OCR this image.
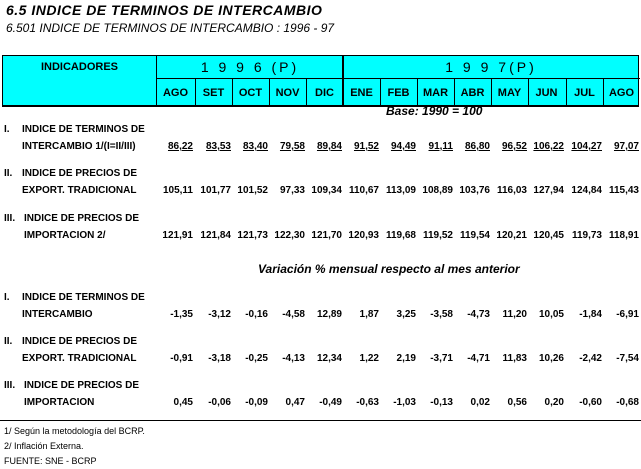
6.5 INDICE DE TERMINOS DE INTERCAMBIO
6.501 INDICE DE TERMINOS DE INTERCAMBIO : 1996 - 97
INDICADORES	1 9 9 6 (P)	1 9 9 7(P)
AGO	SET	OCT	NOV	DIC	ENE	FEB	MAR	ABR	MAY	JUN	JUL	AGO
Base: 1990 = 100
Variación % mensual respecto al mes anterior
I. INDICE DE TERMINOS DE
INTERCAMBIO 1/(I=II/III)	86,22	83,53	83,40	79,58	89,84	91,52	94,49	91,11	86,80	96,52 106,22 104,27	97,07
II. INDICE DE PRECIOS DE
EXPORT. TRADICIONAL	105,11 101,77 101,52	97,33 109,34 110,67 113,09 108,89 103,76 116,03 127,94 124,84 115,43
III. INDICE DE PRECIOS DE
IMPORTACION 2/	121,91 121,84 121,73 122,30 121,70 120,93 119,68 119,52 119,54 120,21 120,45 119,73 118,91
I. INDICE DE TERMINOS DE
INTERCAMBIO	-1,35	-3,12	-0,16	-4,58	12,89	1,87	3,25	-3,58	-4,73	11,20	10,05	-1,84	-6,91
II. INDICE DE PRECIOS DE
EXPORT. TRADICIONAL	-0,91	-3,18	-0,25	-4,13	12,34	1,22	2,19	-3,71	-4,71	11,83	10,26	-2,42	-7,54
III. INDICE DE PRECIOS DE
IMPORTACION	0,45	-0,06	-0,09	0,47	-0,49	-0,63	-1,03	-0,13	0,02	0,56	0,20	-0,60	-0,68
1/ Según la metodología del BCRP.
2/ Inflación Externa.
FUENTE: SNE - BCRP
